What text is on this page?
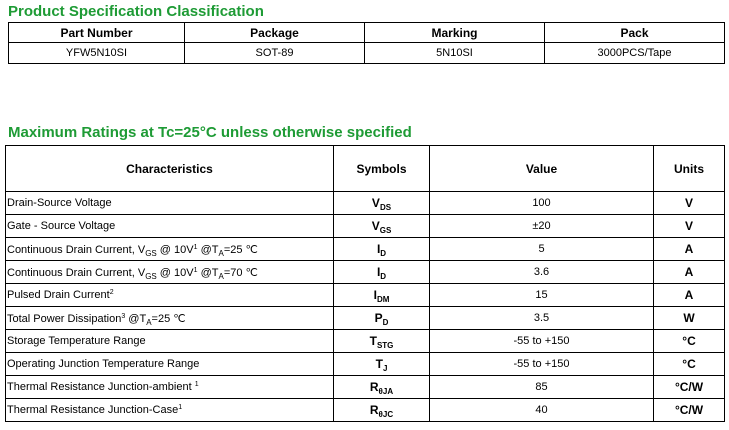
Product Specification Classification
Part Number	Package	Marking	Pack
YFW5N10SI	SOT-89	5N10SI	3000PCS/Tape
Maximum Ratings at Tc=25°C unless otherwise specified
Characteristics	Symbols	Value	Units
Drain-Source Voltage	$V_{DS}$	100	V
Gate - Source Voltage	$V_{GS}$	±20	V
Continuous Drain Current, $V_{GS}$ @ $10V^1$ $@T_A=25$ ℃	$I_D$	5	A
Continuous Drain Current, $V_{GS}$ @ $10V^1$ $@T_A=70$ ℃	$I_D$	3.6	A
Pulsed Drain Current$^2$	$I_{DM}$	15	A
Total Power Dissipation$^3$ $@T_A=25$ ℃	$P_D$	3.5	W
Storage Temperature Range	$T_{STG}$	-55 to +150	°C
Operating Junction Temperature Range	$T_J$	-55 to +150	°C
Thermal Resistance Junction-ambient $^1$	$R_{\theta JA}$	85	°C/W
Thermal Resistance Junction-Case$^1$	$R_{\theta JC}$	40	°C/W
